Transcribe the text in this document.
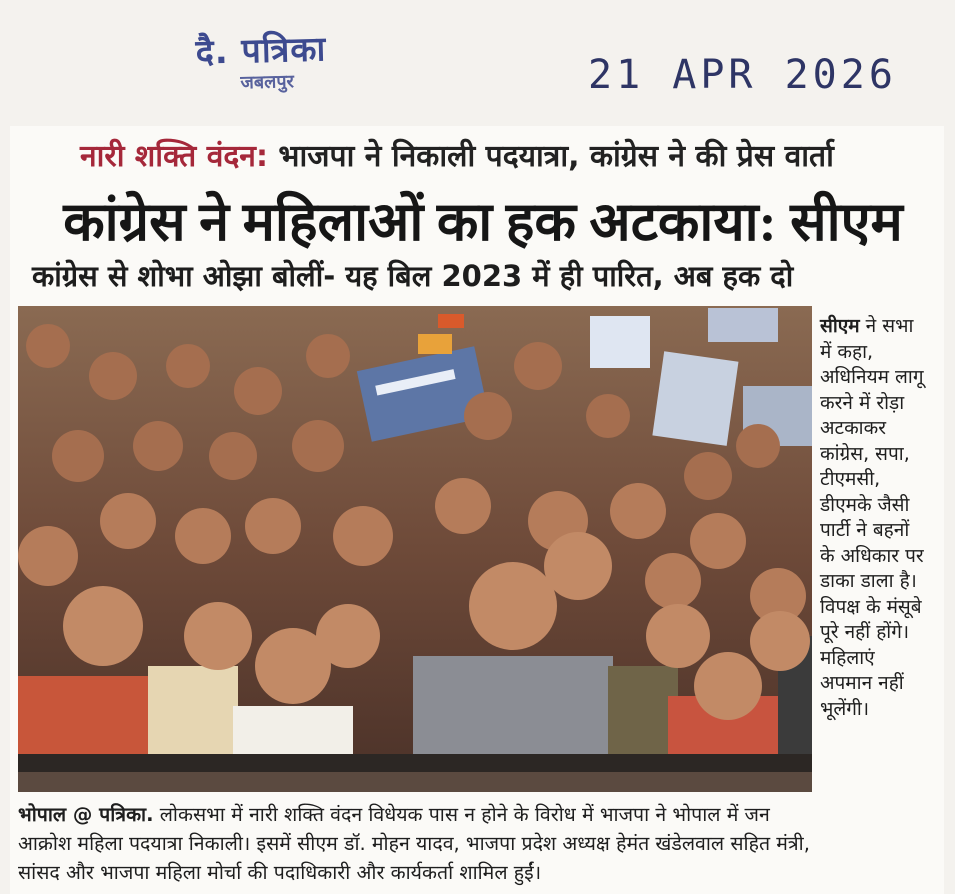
दै. पत्रिका
जबलपुर	21 APR 2026
नारी शक्ति वंदन: भाजपा ने निकाली पदयात्रा, कांग्रेस ने की प्रेस वार्ता
कांग्रेस ने महिलाओं का हक अटकाया: सीएम
कांग्रेस से शोभा ओझा बोलीं- यह बिल 2023 में ही पारित, अब हक दो
सीएम ने सभा
में कहा,
अधिनियम लागू
करने में रोड़ा
अटकाकर
कांग्रेस, सपा,
टीएमसी,
डीएमके जैसी
पार्टी ने बहनों
के अधिकार पर
डाका डाला है।
विपक्ष के मंसूबे
पूरे नहीं होंगे।
महिलाएं
अपमान नहीं
भूलेंगी।
भोपाल @ पत्रिका. लोकसभा में नारी शक्ति वंदन विधेयक पास न होने के विरोध में भाजपा ने भोपाल में जन
आक्रोश महिला पदयात्रा निकाली। इसमें सीएम डॉ. मोहन यादव, भाजपा प्रदेश अध्यक्ष हेमंत खंडेलवाल सहित मंत्री,
सांसद और भाजपा महिला मोर्चा की पदाधिकारी और कार्यकर्ता शामिल हुईं।
